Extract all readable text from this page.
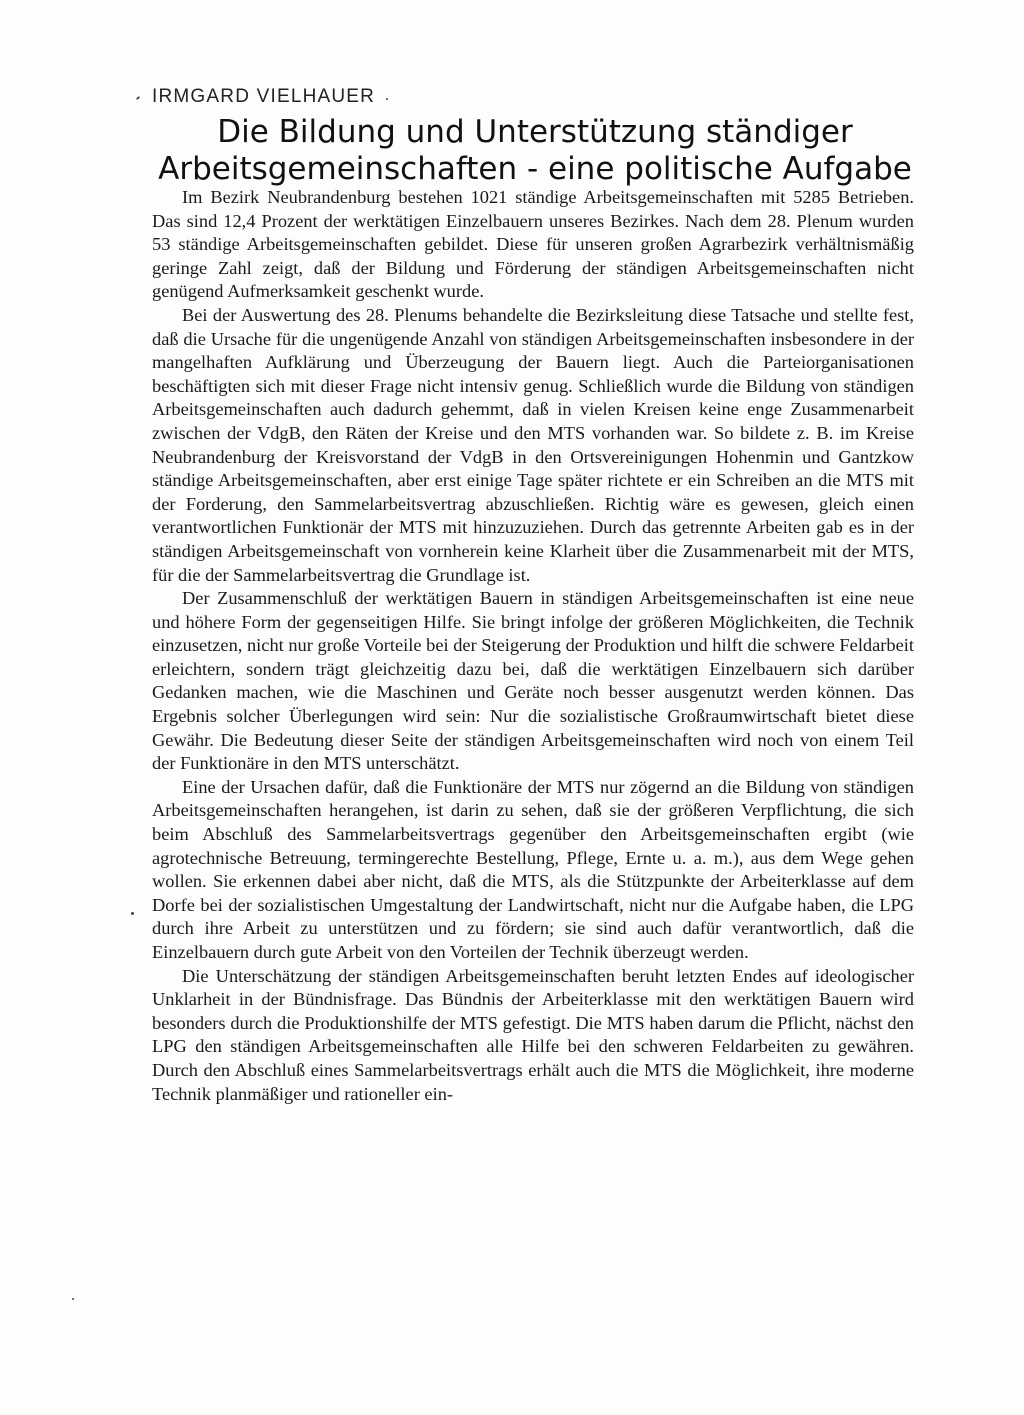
IRMGARD VIELHAUER
Die Bildung und Unterstützung ständiger
Arbeitsgemeinschaften - eine politische Aufgabe

Im Bezirk Neubrandenburg bestehen 1021 ständige Arbeitsgemeinschaften mit 5285 Betrieben. Das sind 12,4 Prozent der werktätigen Einzelbauern unseres Bezirkes. Nach dem 28. Plenum wurden 53 ständige Arbeitsgemeinschaften gebildet. Diese für unseren großen Agrarbezirk verhältnismäßig geringe Zahl zeigt, daß der Bildung und Förderung der ständigen Arbeitsgemeinschaften nicht genügend Aufmerksamkeit geschenkt wurde.

Bei der Auswertung des 28. Plenums behandelte die Bezirksleitung diese Tatsache und stellte fest, daß die Ursache für die ungenügende Anzahl von ständigen Arbeitsgemeinschaften insbesondere in der mangelhaften Aufklärung und Überzeugung der Bauern liegt. Auch die Parteiorganisationen beschäftigten sich mit dieser Frage nicht intensiv genug. Schließlich wurde die Bildung von ständigen Arbeitsgemeinschaften auch dadurch gehemmt, daß in vielen Kreisen keine enge Zusammenarbeit zwischen der VdgB, den Räten der Kreise und den MTS vorhanden war. So bildete z. B. im Kreise Neubrandenburg der Kreisvorstand der VdgB in den Ortsvereinigungen Hohenmin und Gantzkow ständige Arbeitsgemeinschaften, aber erst einige Tage später richtete er ein Schreiben an die MTS mit der Forderung, den Sammelarbeitsvertrag abzuschließen. Richtig wäre es gewesen, gleich einen verantwortlichen Funktionär der MTS mit hinzuzuziehen. Durch das getrennte Arbeiten gab es in der ständigen Arbeitsgemeinschaft von vornherein keine Klarheit über die Zusammenarbeit mit der MTS, für die der Sammelarbeitsvertrag die Grundlage ist.

Der Zusammenschluß der werktätigen Bauern in ständigen Arbeitsgemeinschaften ist eine neue und höhere Form der gegenseitigen Hilfe. Sie bringt infolge der größeren Möglichkeiten, die Technik einzusetzen, nicht nur große Vorteile bei der Steigerung der Produktion und hilft die schwere Feldarbeit erleichtern, sondern trägt gleichzeitig dazu bei, daß die werktätigen Einzelbauern sich darüber Gedanken machen, wie die Maschinen und Geräte noch besser ausgenutzt werden können. Das Ergebnis solcher Überlegungen wird sein: Nur die sozialistische Großraumwirtschaft bietet diese Gewähr. Die Bedeutung dieser Seite der ständigen Arbeitsgemeinschaften wird noch von einem Teil der Funktionäre in den MTS unterschätzt.

Eine der Ursachen dafür, daß die Funktionäre der MTS nur zögernd an die Bildung von ständigen Arbeitsgemeinschaften herangehen, ist darin zu sehen, daß sie der größeren Verpflichtung, die sich beim Abschluß des Sammelarbeitsvertrags gegenüber den Arbeitsgemeinschaften ergibt (wie agrotechnische Betreuung, termingerechte Bestellung, Pflege, Ernte u. a. m.), aus dem Wege gehen wollen. Sie erkennen dabei aber nicht, daß die MTS, als die Stützpunkte der Arbeiterklasse auf dem Dorfe bei der sozialistischen Umgestaltung der Landwirtschaft, nicht nur die Aufgabe haben, die LPG durch ihre Arbeit zu unterstützen und zu fördern; sie sind auch dafür verantwortlich, daß die Einzelbauern durch gute Arbeit von den Vorteilen der Technik überzeugt werden.

Die Unterschätzung der ständigen Arbeitsgemeinschaften beruht letzten Endes auf ideologischer Unklarheit in der Bündnisfrage. Das Bündnis der Arbeiterklasse mit den werktätigen Bauern wird besonders durch die Produktionshilfe der MTS gefestigt. Die MTS haben darum die Pflicht, nächst den LPG den ständigen Arbeitsgemeinschaften alle Hilfe bei den schweren Feldarbeiten zu gewähren. Durch den Abschluß eines Sammelarbeitsvertrags erhält auch die MTS die Möglichkeit, ihre moderne Technik planmäßiger und rationeller ein-
